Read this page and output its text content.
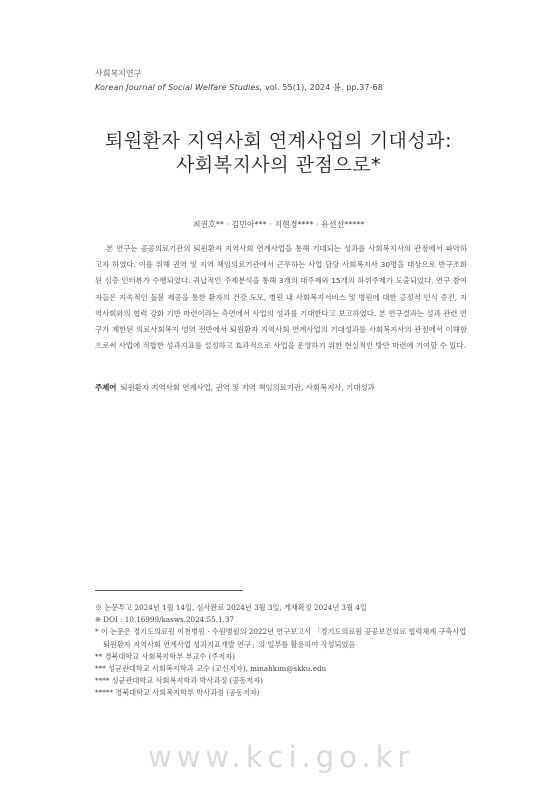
사회복지연구
Korean Journal of Social Welfare Studies, vol. 55(1), 2024 봄. pp.37-68
퇴원환자 지역사회 연계사업의 기대성과:
사회복지사의 관점으로*
최권호** · 김민아*** · 지현경**** · 유선선*****
본 연구는 공공의료기관의 퇴원환자 지역사회 연계사업을 통해 기대되는 성과를 사회복지사의 관점에서 파악하고자 하였다. 이를 위해 권역 및 지역 책임의료기관에서 근무하는 사업 담당 사회복지사 30명을 대상으로 반구조화된 심층 인터뷰가 수행되었다. 귀납적인 주제분석을 통해 3개의 대주제와 15개의 하위주제가 도출되었다. 연구 참여자들은 지속적인 돌봄 제공을 통한 환자의 건강 도모, 병원 내 사회복지서비스 및 병원에 대한 긍정적 인식 증진, 지역사회와의 협력 강화 기반 마련이라는 측면에서 사업의 성과를 기대한다고 보고하였다. 본 연구결과는 성과 관련 연구가 제한된 의료사회복지 영역 전반에서 퇴원환자 지역사회 연계사업의 기대성과를 사회복지사의 관점에서 이해함으로써 사업에 적합한 성과지표를 설정하고 효과적으로 사업을 운영하기 위한 현실적인 방안 마련에 기여할 수 있다.
주제어 퇴원환자 지역사회 연계사업, 권역 및 지역 책임의료기관, 사회복지사, 기대성과
※ 논문투고 2024년 1월 14일, 심사완료 2024년 3월 3일, 게재확정 2024년 3월 4일
※ DOI : 10.16999/kasws.2024.55.1.37
* 이 논문은 경기도의료원 이천병원 · 수원병원의 2022년 연구보고서 「경기도의료원 공공보건의료 협력체계 구축사업
퇴원환자 지역사회 연계사업 성과지표개발 연구」의 일부를 활용하여 작성되었음
** 경북대학교 사회복지학부 부교수 (주저자)
*** 성균관대학교 사회복지학과 교수 (교신저자), minahkim@skku.edu
**** 성균관대학교 사회복지학과 박사과정 (공동저자)
***** 경북대학교 사회복지학부 박사과정 (공동저자)
www.kci.go.kr
